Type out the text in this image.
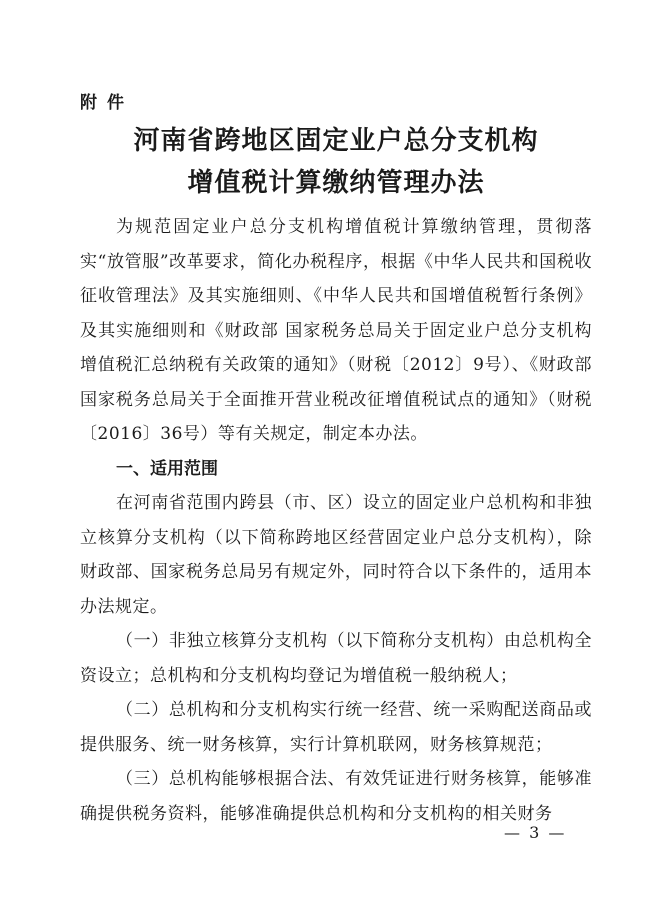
附件
河南省跨地区固定业户总分支机构
增值税计算缴纳管理办法

为规范固定业户总分支机构增值税计算缴纳管理，贯彻落实“放管服”改革要求，简化办税程序，根据《中华人民共和国税收征收管理法》及其实施细则、《中华人民共和国增值税暂行条例》及其实施细则和《财政部 国家税务总局关于固定业户总分支机构增值税汇总纳税有关政策的通知》（财税〔2012〕9号）、《财政部 国家税务总局关于全面推开营业税改征增值税试点的通知》（财税〔2016〕36号）等有关规定，制定本办法。

一、适用范围

在河南省范围内跨县（市、区）设立的固定业户总机构和非独立核算分支机构（以下简称跨地区经营固定业户总分支机构），除财政部、国家税务总局另有规定外，同时符合以下条件的，适用本办法规定。

（一）非独立核算分支机构（以下简称分支机构）由总机构全资设立；总机构和分支机构均登记为增值税一般纳税人；

（二）总机构和分支机构实行统一经营、统一采购配送商品或提供服务、统一财务核算，实行计算机联网，财务核算规范；

（三）总机构能够根据合法、有效凭证进行财务核算，能够准确提供税务资料，能够准确提供总机构和分支机构的相关财务

— 3 —
